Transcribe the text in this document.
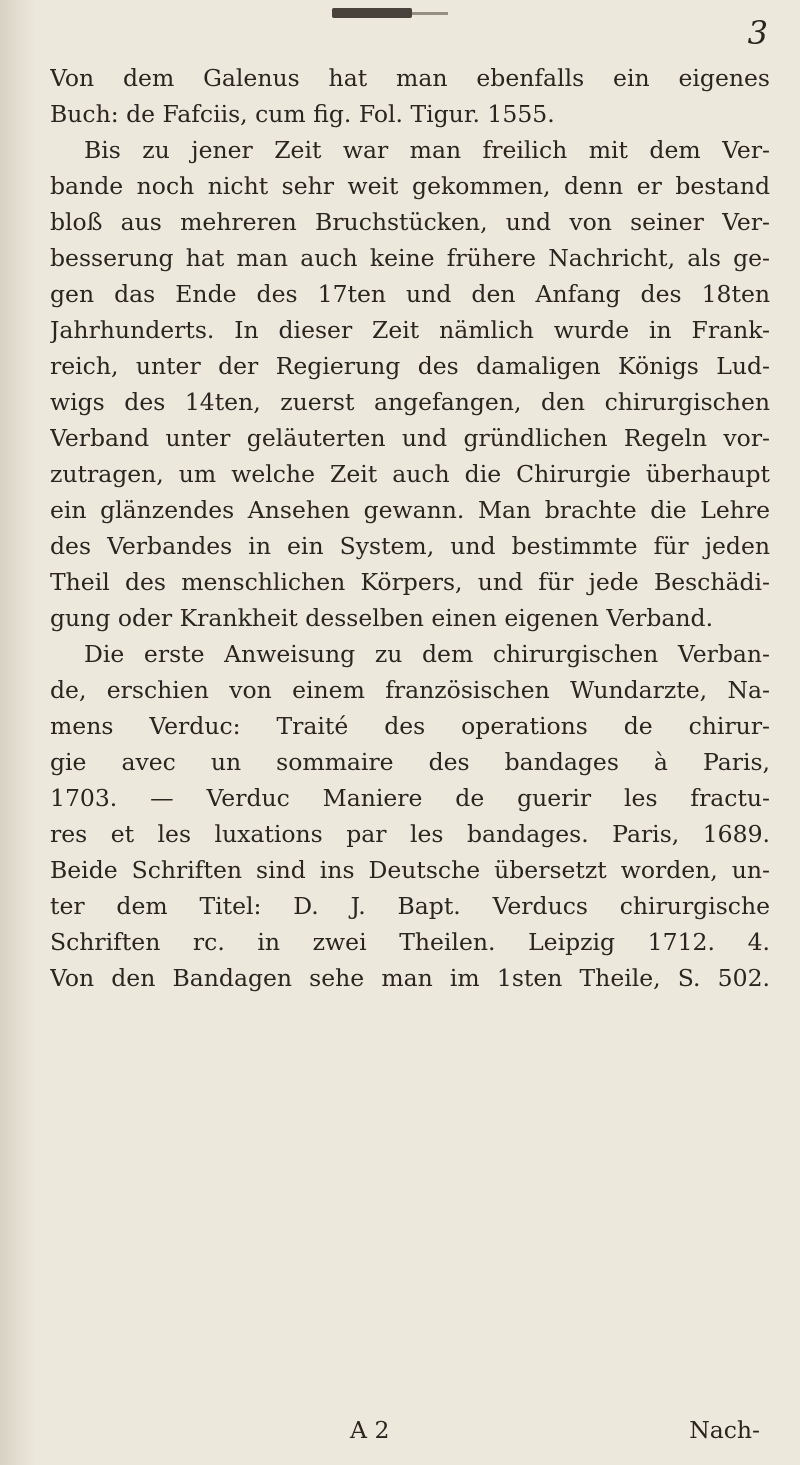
3
Von dem Galenus hat man ebenfalls ein eigenes
Buch: de Fafciis, cum fig. Fol. Tigur. 1555.
Bis zu jener Zeit war man freilich mit dem Ver-
bande noch nicht sehr weit gekommen, denn er bestand
bloß aus mehreren Bruchstücken, und von seiner Ver-
besserung hat man auch keine frühere Nachricht, als ge-
gen das Ende des 17ten und den Anfang des 18ten
Jahrhunderts. In dieser Zeit nämlich wurde in Frank-
reich, unter der Regierung des damaligen Königs Lud-
wigs des 14ten, zuerst angefangen, den chirurgischen
Verband unter geläuterten und gründlichen Regeln vor-
zutragen, um welche Zeit auch die Chirurgie überhaupt
ein glänzendes Ansehen gewann. Man brachte die Lehre
des Verbandes in ein System, und bestimmte für jeden
Theil des menschlichen Körpers, und für jede Beschädi-
gung oder Krankheit desselben einen eigenen Verband.
Die erste Anweisung zu dem chirurgischen Verban-
de, erschien von einem französischen Wundarzte, Na-
mens Verduc: Traité des operations de chirur-
gie avec un sommaire des bandages à Paris,
1703. — Verduc Maniere de guerir les fractu-
res et les luxations par les bandages. Paris, 1689.
Beide Schriften sind ins Deutsche übersetzt worden, un-
ter dem Titel: D. J. Bapt. Verducs chirurgische
Schriften rc. in zwei Theilen. Leipzig 1712. 4.
Von den Bandagen sehe man im 1sten Theile, S. 502.
A 2	Nach-
